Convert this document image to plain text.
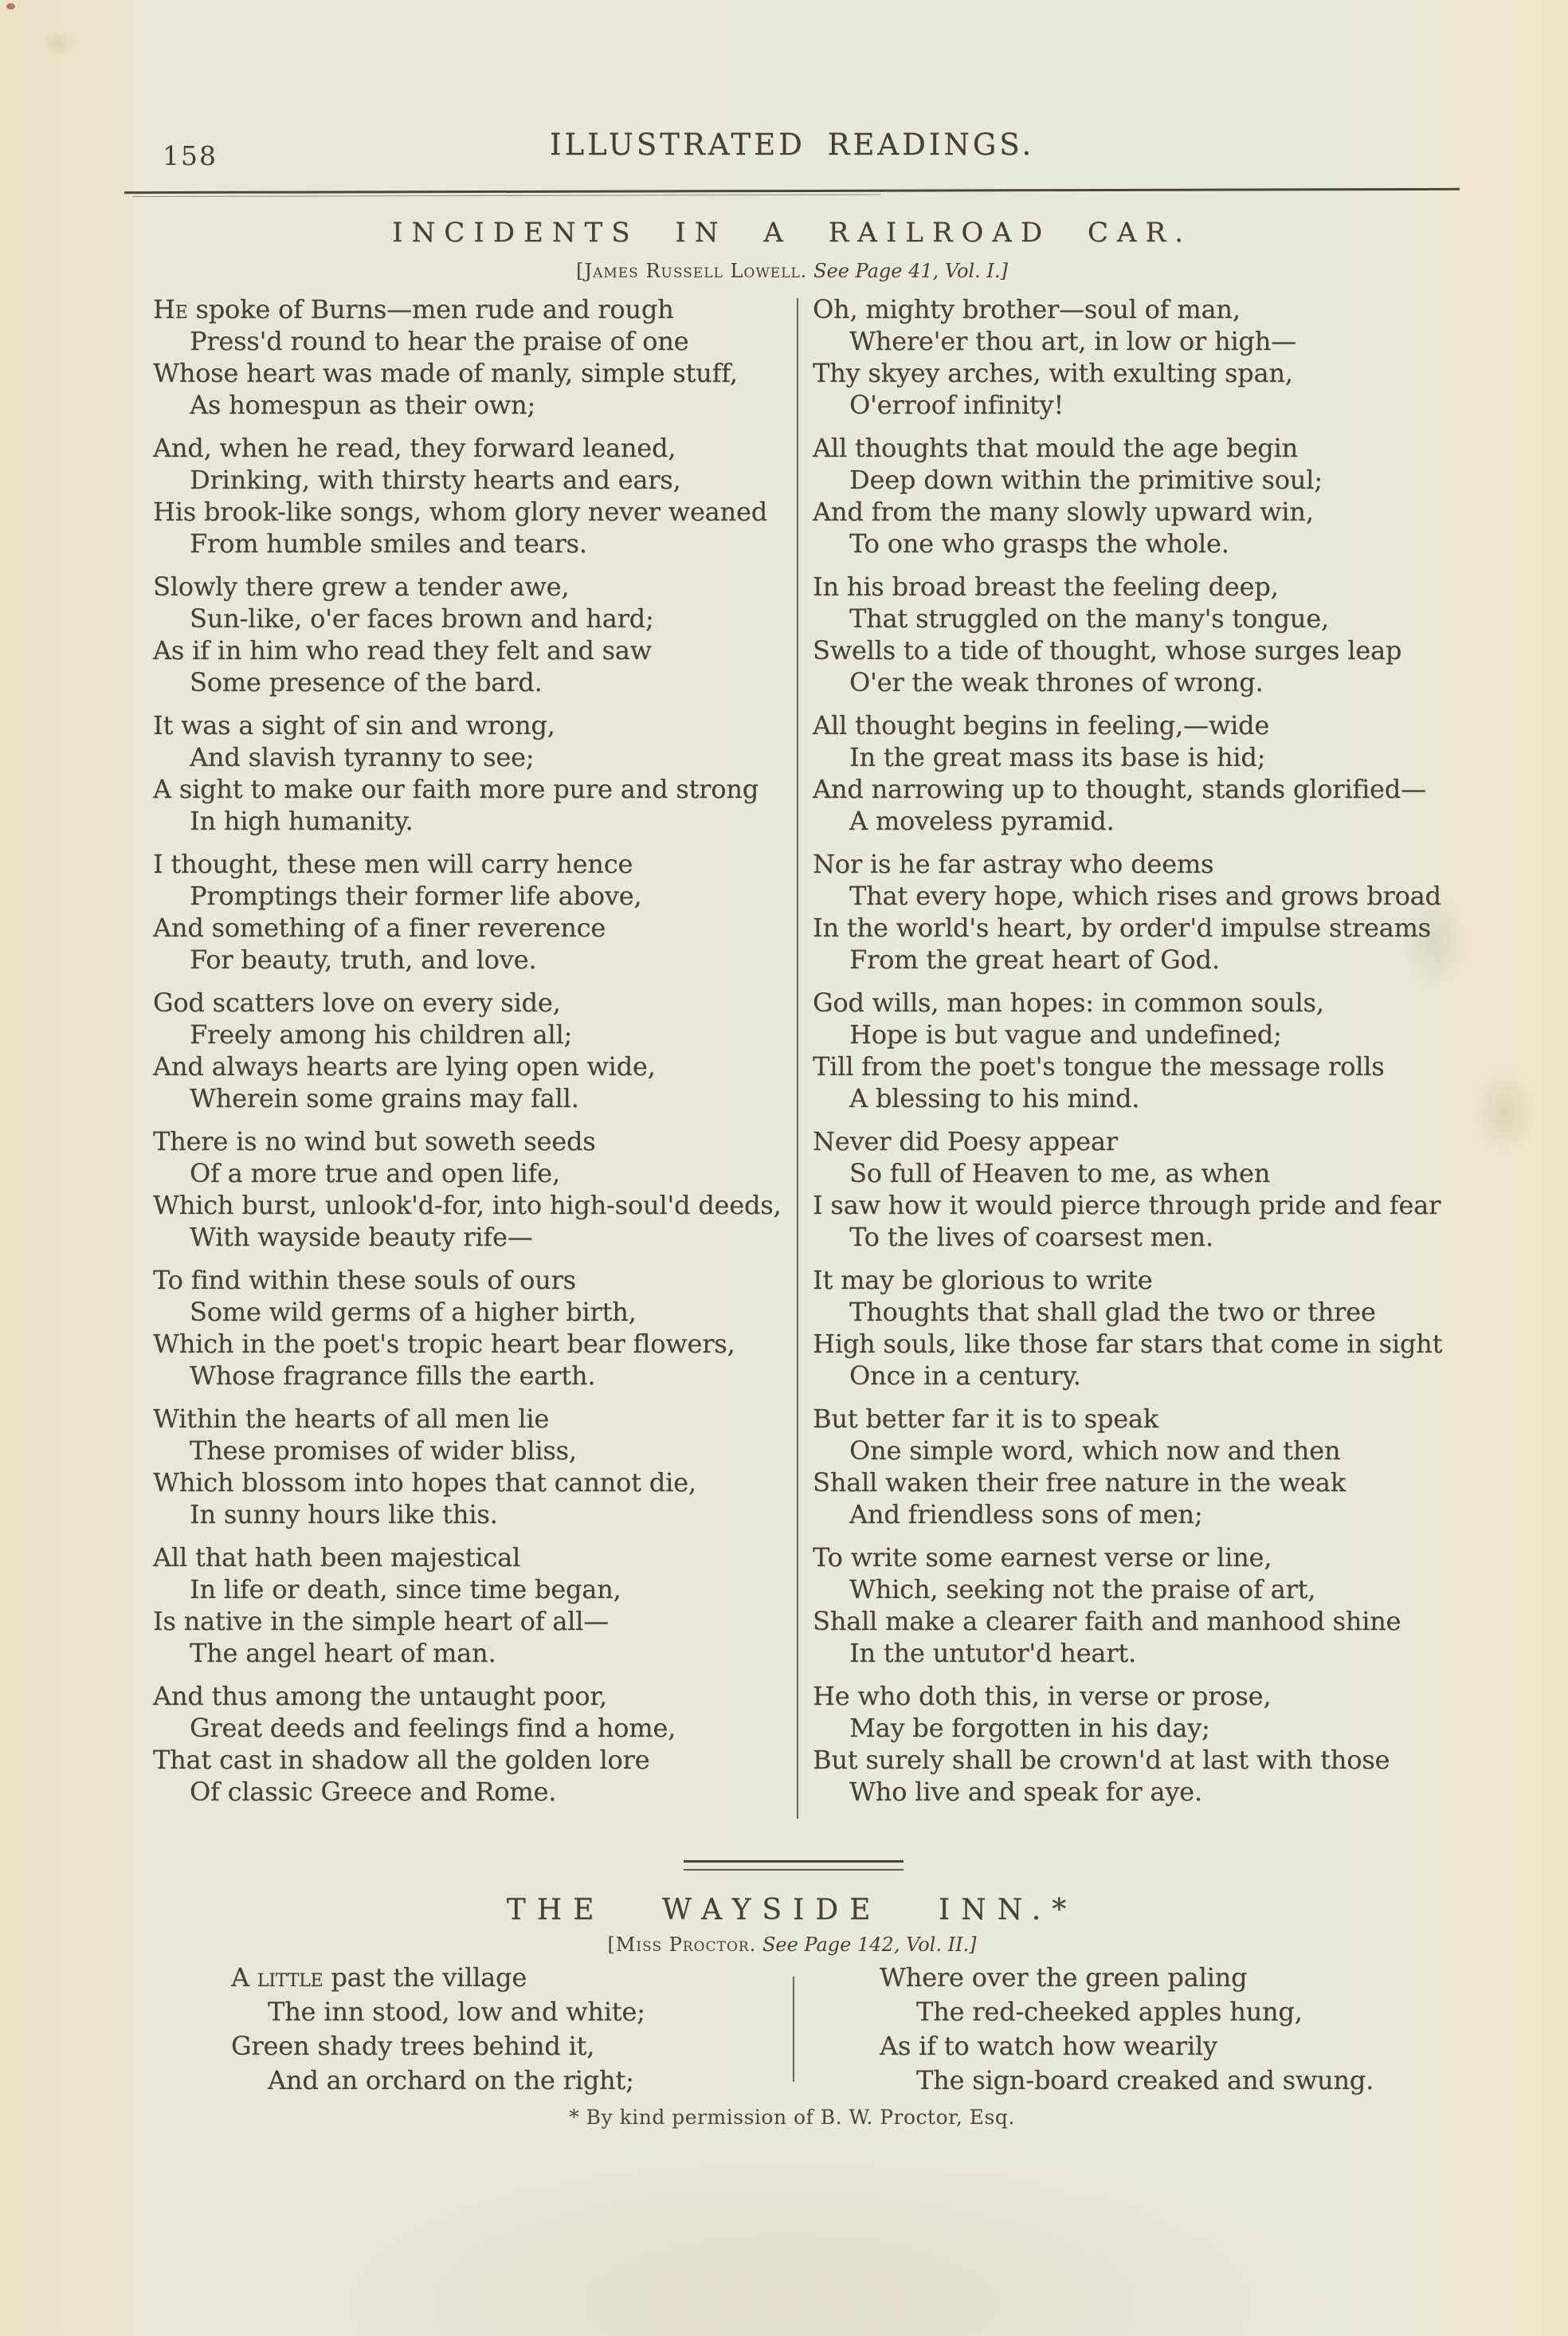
158	ILLUSTRATED READINGS.
INCIDENTS IN A RAILROAD CAR.
[James Russell Lowell. See Page 41, Vol. I.]
He spoke of Burns—men rude and rough
Press'd round to hear the praise of one
Whose heart was made of manly, simple stuff,
As homespun as their own;
And, when he read, they forward leaned,
Drinking, with thirsty hearts and ears,
His brook-like songs, whom glory never weaned
From humble smiles and tears.
Slowly there grew a tender awe,
Sun-like, o'er faces brown and hard;
As if in him who read they felt and saw
Some presence of the bard.
It was a sight of sin and wrong,
And slavish tyranny to see;
A sight to make our faith more pure and strong
In high humanity.
I thought, these men will carry hence
Promptings their former life above,
And something of a finer reverence
For beauty, truth, and love.
God scatters love on every side,
Freely among his children all;
And always hearts are lying open wide,
Wherein some grains may fall.
There is no wind but soweth seeds
Of a more true and open life,
Which burst, unlook'd-for, into high-soul'd deeds,
With wayside beauty rife—
To find within these souls of ours
Some wild germs of a higher birth,
Which in the poet's tropic heart bear flowers,
Whose fragrance fills the earth.
Within the hearts of all men lie
These promises of wider bliss,
Which blossom into hopes that cannot die,
In sunny hours like this.
All that hath been majestical
In life or death, since time began,
Is native in the simple heart of all—
The angel heart of man.
And thus among the untaught poor,
Great deeds and feelings find a home,
That cast in shadow all the golden lore
Of classic Greece and Rome.
Oh, mighty brother—soul of man,
Where'er thou art, in low or high—
Thy skyey arches, with exulting span,
O'erroof infinity!
All thoughts that mould the age begin
Deep down within the primitive soul;
And from the many slowly upward win,
To one who grasps the whole.
In his broad breast the feeling deep,
That struggled on the many's tongue,
Swells to a tide of thought, whose surges leap
O'er the weak thrones of wrong.
All thought begins in feeling,—wide
In the great mass its base is hid;
And narrowing up to thought, stands glorified—
A moveless pyramid.
Nor is he far astray who deems
That every hope, which rises and grows broad
In the world's heart, by order'd impulse streams
From the great heart of God.
God wills, man hopes: in common souls,
Hope is but vague and undefined;
Till from the poet's tongue the message rolls
A blessing to his mind.
Never did Poesy appear
So full of Heaven to me, as when
I saw how it would pierce through pride and fear
To the lives of coarsest men.
It may be glorious to write
Thoughts that shall glad the two or three
High souls, like those far stars that come in sight
Once in a century.
But better far it is to speak
One simple word, which now and then
Shall waken their free nature in the weak
And friendless sons of men;
To write some earnest verse or line,
Which, seeking not the praise of art,
Shall make a clearer faith and manhood shine
In the untutor'd heart.
He who doth this, in verse or prose,
May be forgotten in his day;
But surely shall be crown'd at last with those
Who live and speak for aye.
THE WAYSIDE INN.*
[Miss Proctor. See Page 142, Vol. II.]
A little past the village
The inn stood, low and white;
Green shady trees behind it,
And an orchard on the right;
Where over the green paling
The red-cheeked apples hung,
As if to watch how wearily
The sign-board creaked and swung.
* By kind permission of B. W. Proctor, Esq.
